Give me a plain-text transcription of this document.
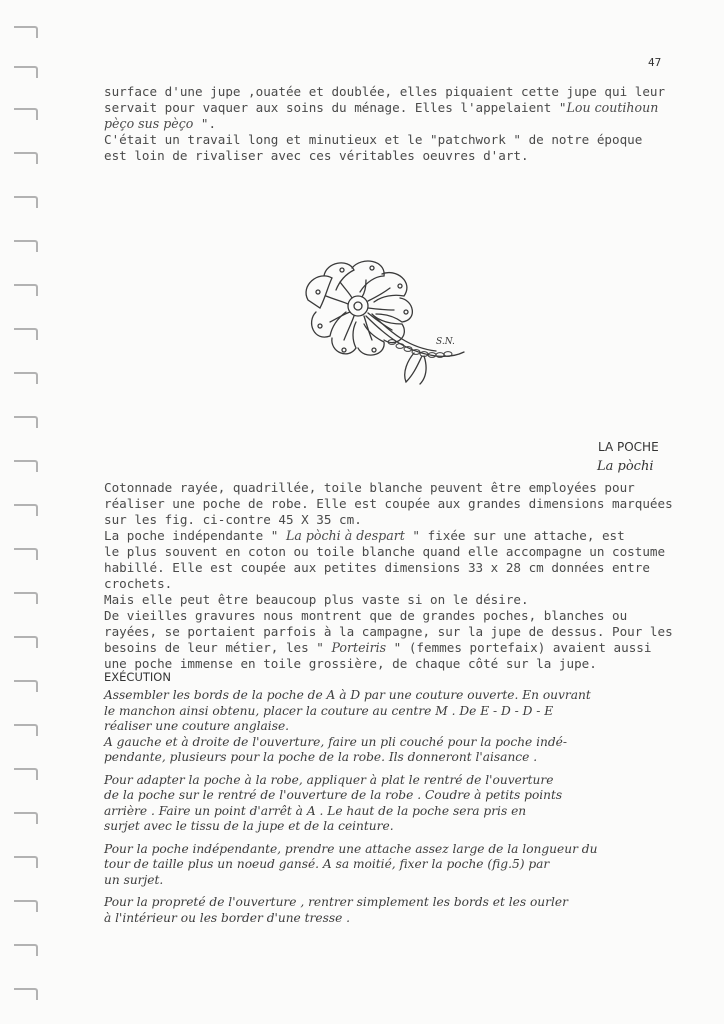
47
surface d'une jupe ,ouatée et doublée, elles piquaient cette jupe qui leur
servait pour vaquer aux soins du ménage. Elles l'appelaient "Lou coutihoun
pèço sus pèço ".
C'était un travail long et minutieux et le "patchwork " de notre époque
est loin de rivaliser avec ces véritables oeuvres d'art.
S.N.
LA POCHE
La pòchi
Cotonnade rayée, quadrillée, toile blanche peuvent être employées pour
réaliser une poche de robe. Elle est coupée aux grandes dimensions marquées
sur les fig. ci-contre 45 X 35 cm.
La poche indépendante " La pòchi à despart " fixée sur une attache, est
le plus souvent en coton ou toile blanche quand elle accompagne un costume
habillé. Elle est coupée aux petites dimensions 33 x 28 cm données entre
crochets.
Mais elle peut être beaucoup plus vaste si on le désire.
De vieilles gravures nous montrent que de grandes poches, blanches ou
rayées, se portaient parfois à la campagne, sur la jupe de dessus. Pour les
besoins de leur métier, les " Porteiris " (femmes portefaix) avaient aussi
une poche immense en toile grossière, de chaque côté sur la jupe.
EXÉCUTION
Assembler les bords de la poche de A à D par une couture ouverte. En ouvrant
le manchon ainsi obtenu, placer la couture au centre M . De E - D - D - E
réaliser une couture anglaise.
A gauche et à droite de l'ouverture, faire un pli couché pour la poche indé-
pendante, plusieurs pour la poche de la robe. Ils donneront l'aisance .
Pour adapter la poche à la robe, appliquer à plat le rentré de l'ouverture
de la poche sur le rentré de l'ouverture de la robe . Coudre à petits points
arrière . Faire un point d'arrêt à A . Le haut de la poche sera pris en
surjet avec le tissu de la jupe et de la ceinture.
Pour la poche indépendante, prendre une attache assez large de la longueur du
tour de taille plus un noeud gansé. A sa moitié, fixer la poche (fig.5) par
un surjet.
Pour la propreté de l'ouverture , rentrer simplement les bords et les ourler
à l'intérieur ou les border d'une tresse .
